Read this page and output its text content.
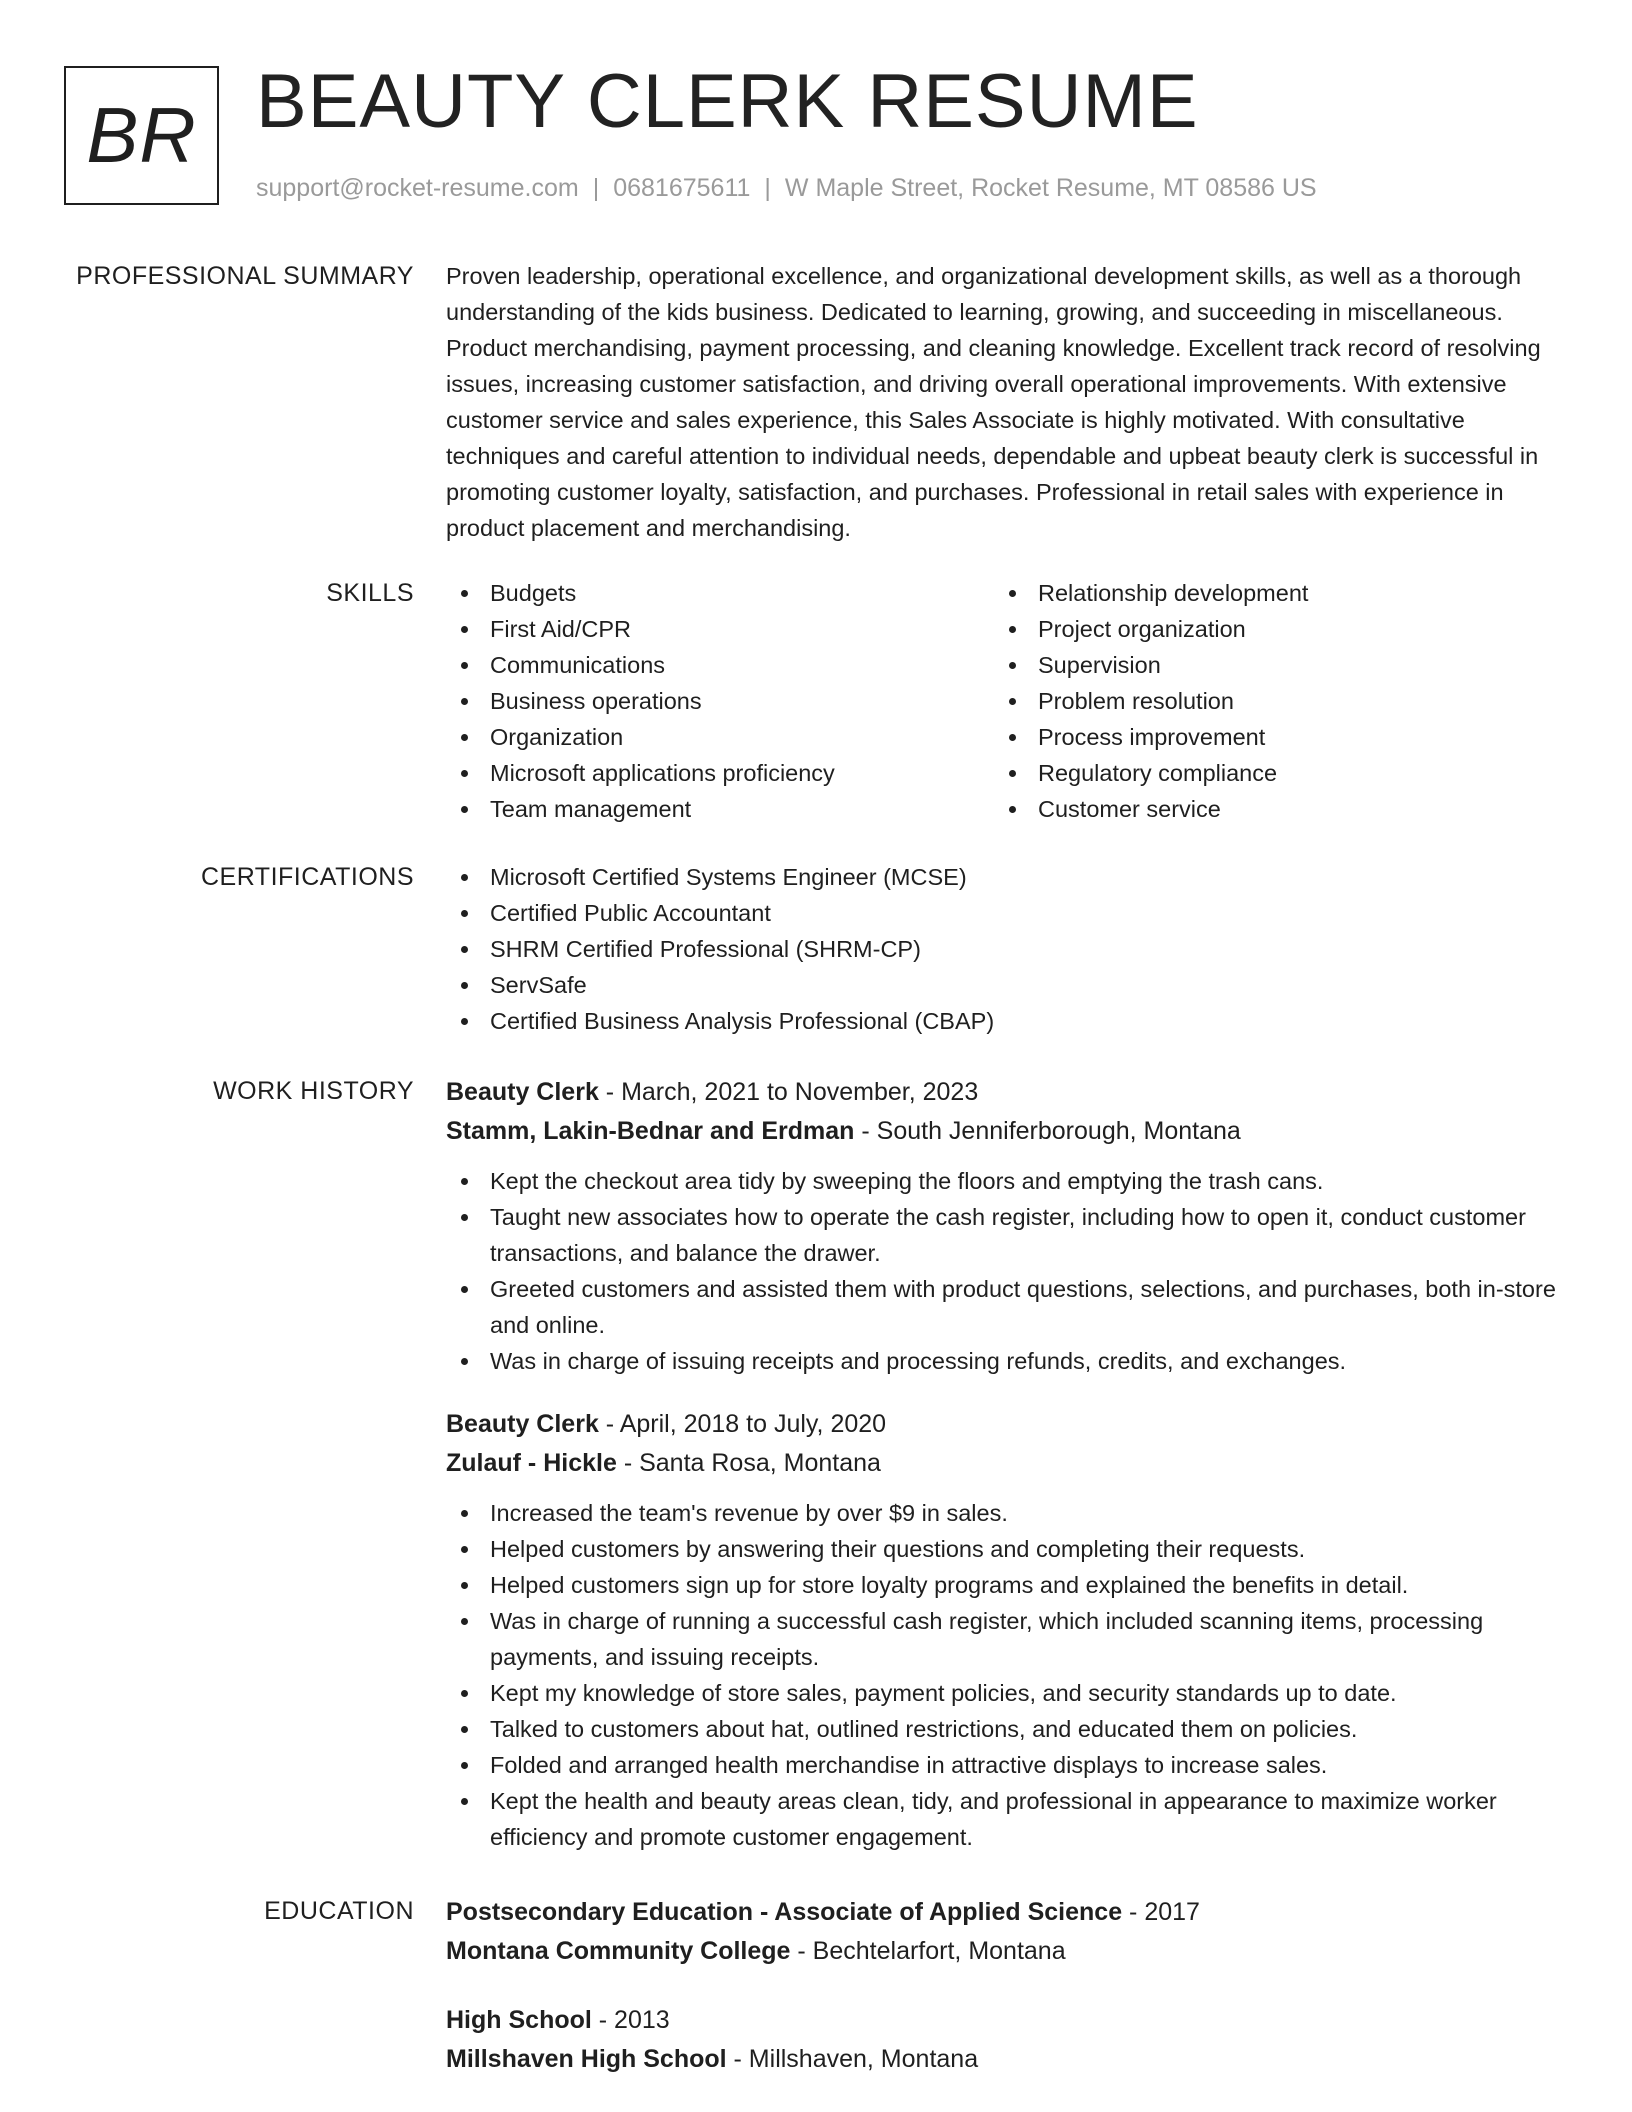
BR BEAUTY CLERK RESUME
support@rocket-resume.com | 0681675611 | W Maple Street, Rocket Resume, MT 08586 US
PROFESSIONAL SUMMARY Proven leadership, operational excellence, and organizational development skills, as well as a thorough understanding of the kids business. Dedicated to learning, growing, and succeeding in miscellaneous. Product merchandising, payment processing, and cleaning knowledge. Excellent track record of resolving issues, increasing customer satisfaction, and driving overall operational improvements. With extensive customer service and sales experience, this Sales Associate is highly motivated. With consultative techniques and careful attention to individual needs, dependable and upbeat beauty clerk is successful in promoting customer loyalty, satisfaction, and purchases. Professional in retail sales with experience in product placement and merchandising.

SKILLS	Budgets
First Aid/CPR
Communications
Business operations
Organization
Microsoft applications proficiency
Team management
Relationship development
Project organization
Supervision
Problem resolution
Process improvement
Regulatory compliance
Customer service
CERTIFICATIONS	Microsoft Certified Systems Engineer (MCSE)
Certified Public Accountant
SHRM Certified Professional (SHRM-CP)
ServSafe
Certified Business Analysis Professional (CBAP)
WORK HISTORY Beauty Clerk - March, 2021 to November, 2023
Stamm, Lakin-Bednar and Erdman - South Jenniferborough, Montana
Kept the checkout area tidy by sweeping the floors and emptying the trash cans.
Taught new associates how to operate the cash register, including how to open it, conduct customer transactions, and balance the drawer.
Greeted customers and assisted them with product questions, selections, and purchases, both in-store and online.
Was in charge of issuing receipts and processing refunds, credits, and exchanges.
Beauty Clerk - April, 2018 to July, 2020
Zulauf - Hickle - Santa Rosa, Montana
Increased the team's revenue by over $9 in sales.
Helped customers by answering their questions and completing their requests.
Helped customers sign up for store loyalty programs and explained the benefits in detail.
Was in charge of running a successful cash register, which included scanning items, processing payments, and issuing receipts.
Kept my knowledge of store sales, payment policies, and security standards up to date.
Talked to customers about hat, outlined restrictions, and educated them on policies.
Folded and arranged health merchandise in attractive displays to increase sales.
Kept the health and beauty areas clean, tidy, and professional in appearance to maximize worker efficiency and promote customer engagement.
EDUCATION Postsecondary Education - Associate of Applied Science - 2017
Montana Community College - Bechtelarfort, Montana
High School - 2013
Millshaven High School - Millshaven, Montana
